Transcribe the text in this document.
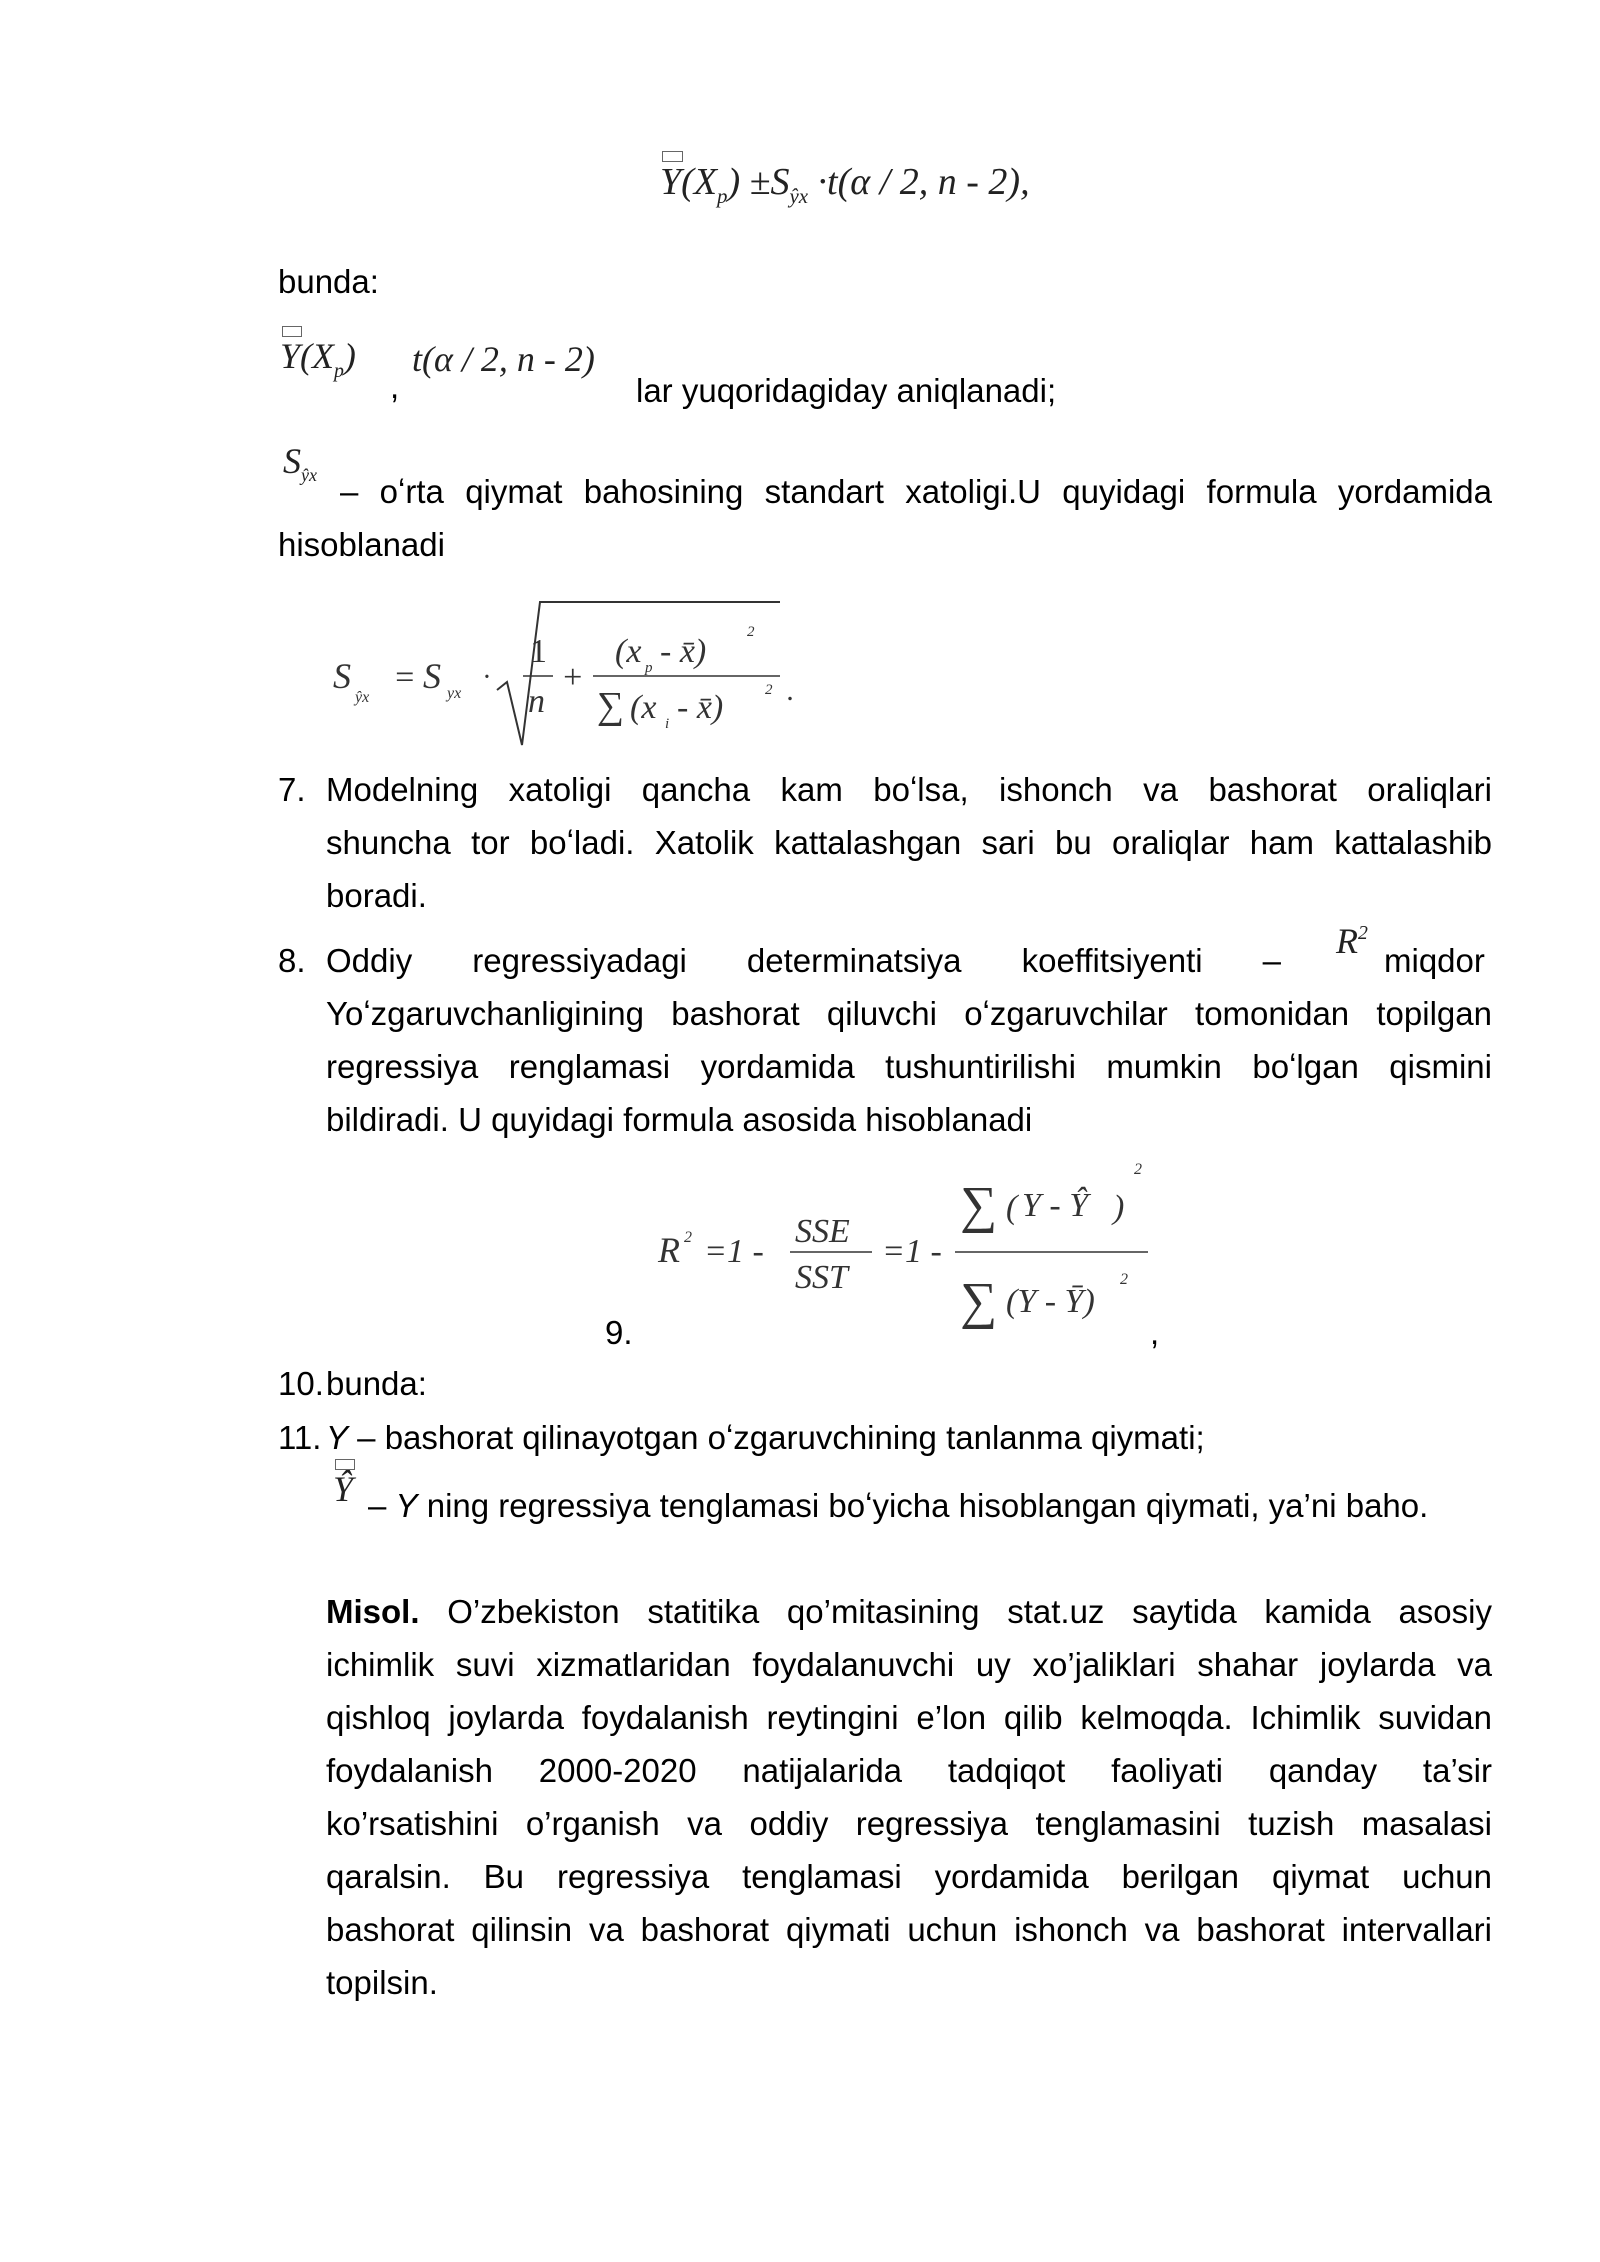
$Y(X_p) \pm S_{ŷx} \cdot t(\alpha / 2$, n - 2),
bunda:
$Y(X_p)$
,
t(α / 2, n - 2)
lar yuqoridagiday aniqlanadi;
$S_{ŷx}$ – oʻrta qiymat bahosining standart xatoligi.U quyidagi formula yordamida
hisoblanadi
S
ŷx
= S yx
·
1
n
+
(x p - x̄)
2
∑ (x i - x̄)	2 .
7. Modelning xatoligi qancha kam boʻlsa, ishonch va bashorat oraliqlari
shuncha tor boʻladi. Xatolik kattalashgan sari bu oraliqlar ham kattalashib
boradi.
8. Oddiy regressiyadagi determinatsiya koeffitsiyenti – $R^2$
miqdor
Yoʻzgaruvchanligining bashorat qiluvchi oʻzgaruvchilar tomonidan topilgan
regressiya renglamasi yordamida tushuntirilishi mumkin boʻlgan qismini
bildiradi. U quyidagi formula asosida hisoblanadi
R 2 =1 -
SSE
SST
=1 -
∑ ( Y - Ŷ )
2
∑ (Y - Ȳ)
2
9.	,
10. bunda:
11. Y – bashorat qilinayotgan oʻzgaruvchining tanlanma qiymati;
Ŷ – Y ning regressiya tenglamasi boʻyicha hisoblangan qiymati, ya’ni baho.
Misol. O’zbekiston statitika qo’mitasining stat.uz saytida kamida asosiy
ichimlik suvi xizmatlaridan foydalanuvchi uy xo’jaliklari shahar joylarda va
qishloq joylarda foydalanish reytingini e’lon qilib kelmoqda. Ichimlik suvidan
foydalanish 2000-2020 natijalarida tadqiqot faoliyati qanday ta’sir
ko’rsatishini o’rganish va oddiy regressiya tenglamasini tuzish masalasi
qaralsin. Bu regressiya tenglamasi yordamida berilgan qiymat uchun
bashorat qilinsin va bashorat qiymati uchun ishonch va bashorat intervallari
topilsin.
